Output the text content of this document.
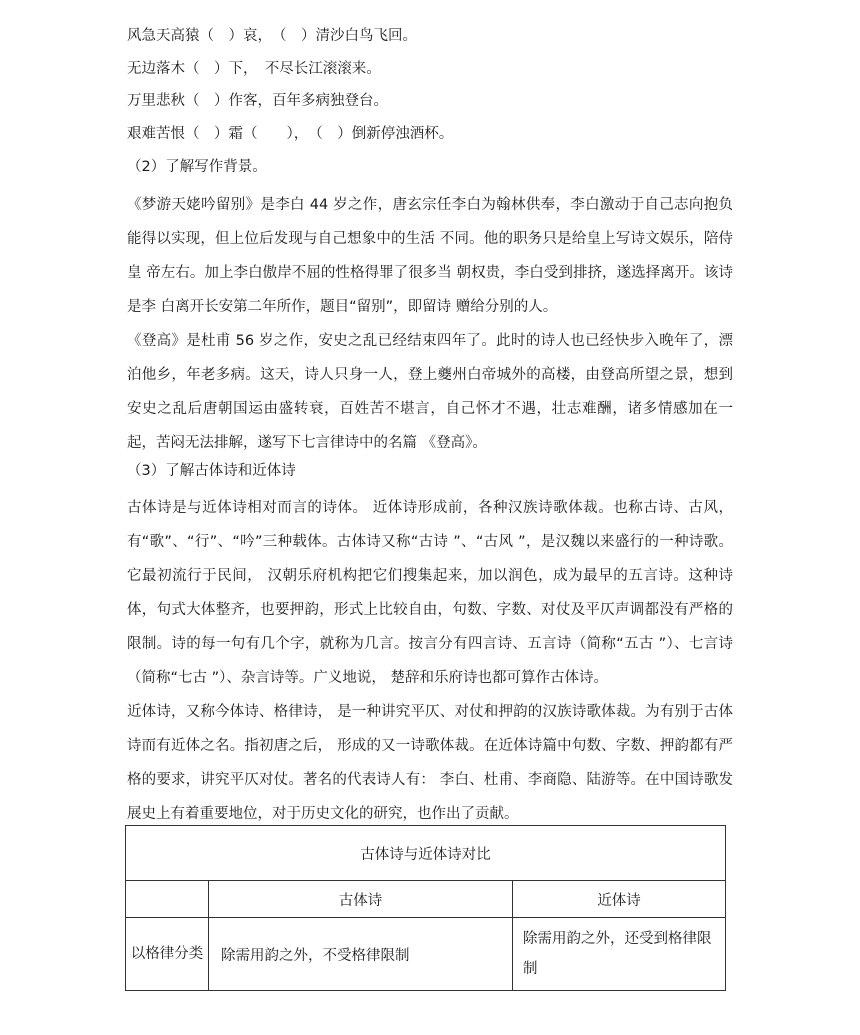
风急天高猿（　）哀，　（　）清沙白鸟飞回。
无边落木（　）下，　不尽长江滚滚来。
万里悲秋（　）作客，百年多病独登台。
艰难苦恨（　）霜（　　），　（　）倒新停浊酒杯。
（2）了解写作背景。

《梦游天姥吟留别》是李白 44 岁之作，唐玄宗任李白为翰林供奉，李白激动于自己志向抱负 能得以实现，但上位后发现与自己想象中的生活 不同。他的职务只是给皇上写诗文娱乐，陪侍皇 帝左右。加上李白傲岸不屈的性格得罪了很多当 朝权贵，李白受到排挤，遂选择离开。该诗是李 白离开长安第二年所作，题目“留别”，即留诗 赠给分别的人。

《登高》是杜甫 56 岁之作，安史之乱已经结束四年了。此时的诗人也已经快步入晚年了，漂泊他乡，年老多病。这天，诗人只身一人，登上夔州白帝城外的高楼，由登高所望之景，想到安史之乱后唐朝国运由盛转衰，百姓苦不堪言，自己怀才不遇，壮志难酬，诸多情感加在一起，苦闷无法排解，遂写下七言律诗中的名篇 《登高》。

（3）了解古体诗和近体诗

古体诗是与近体诗相对而言的诗体。 近体诗形成前，各种汉族诗歌体裁。也称古诗、古风，有“歌”、“行”、“吟”三种载体。古体诗又称“古诗 ”、“古风 ”，是汉魏以来盛行的一种诗歌。它最初流行于民间， 汉朝乐府机构把它们搜集起来，加以润色，成为最早的五言诗。这种诗体，句式大体整齐，也要押韵，形式上比较自由，句数、字数、对仗及平仄声调都没有严格的限制。诗的每一句有几个字，就称为几言。按言分有四言诗、五言诗（简称“五古 ”）、七言诗（简称“七古 ”）、杂言诗等。广义地说， 楚辞和乐府诗也都可算作古体诗。

近体诗，又称今体诗、格律诗， 是一种讲究平仄、对仗和押韵的汉族诗歌体裁。为有别于古体诗而有近体之名。指初唐之后， 形成的又一诗歌体裁。在近体诗篇中句数、字数、押韵都有严格的要求，讲究平仄对仗。著名的代表诗人有： 李白、杜甫、李商隐、陆游等。在中国诗歌发展史上有着重要地位，对于历史文化的研究，也作出了贡献。

古体诗与近体诗对比		
	古体诗	近体诗
以格律分类	除需用韵之外，不受格律限制	除需用韵之外，还受到格律限制
